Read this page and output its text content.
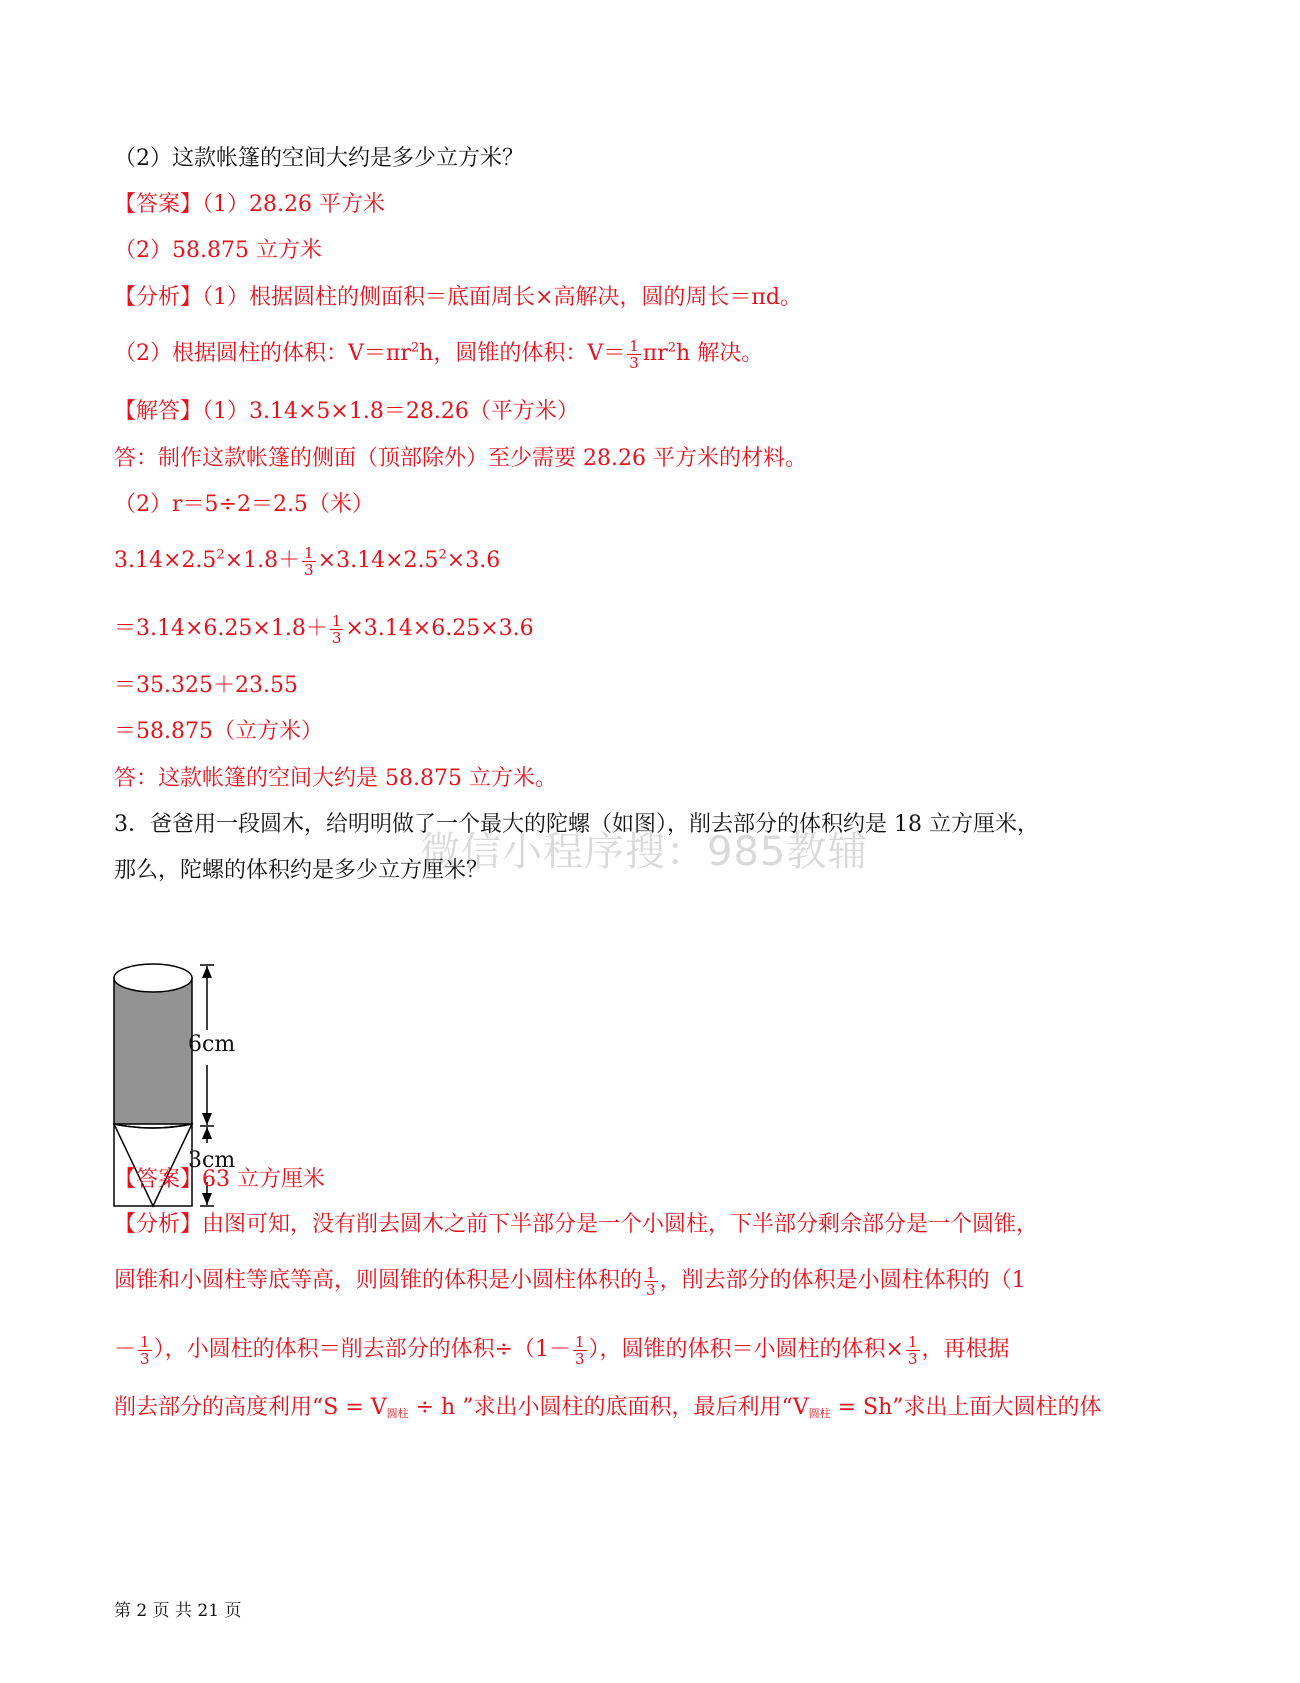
（2）这款帐篷的空间大约是多少立方米？
【答案】（1）28.26 平方米
（2）58.875 立方米
【分析】（1）根据圆柱的侧面积＝底面周长×高解决，圆的周长＝πd。
（2）根据圆柱的体积：$V=\pi r^2h$，圆锥的体积：$V= \frac{1}{3} \pi r^2h$ 解决。
【解答】（1）3.14×5×1.8＝28.26（平方米）
答：制作这款帐篷的侧面（顶部除外）至少需要 28.26 平方米的材料。
（2）r＝5÷2＝2.5（米）
$3.14\times 2.5^2\times 1.8+ \frac{1}{3} \times 3.14\times 2.5^2\times 3.6$
$=3.14\times 6.25\times 1.8+ \frac{1}{3} \times 3.14\times 6.25\times 3.6$
＝35.325＋23.55
＝58.875（立方米）
答：这款帐篷的空间大约是 58.875 立方米。
微信小程序搜：985教辅
3．爸爸用一段圆木，给明明做了一个最大的陀螺（如图），削去部分的体积约是 18 立方厘米，
那么，陀螺的体积约是多少立方厘米？
6cm
3cm
【答案】63 立方厘米
【分析】由图可知，没有削去圆木之前下半部分是一个小圆柱，下半部分剩余部分是一个圆锥，
圆锥和小圆柱等底等高，则圆锥的体积是小圆柱体积的 $\frac{1}{3}$ ，削去部分的体积是小圆柱体积的（1
－ $\frac{1}{3}$ ），小圆柱的体积＝削去部分的体积$\div(1- \frac{1}{3}$ ），圆锥的体积＝小圆柱的体积× $\frac{1}{3}$ ，再根据
削去部分的高度利用“$S = V_{圆柱} \div h$ ”求出小圆柱的底面积，最后利用“$V_{圆柱} = Sh$”求出上面大圆柱的体
第 2 页 共 21 页
